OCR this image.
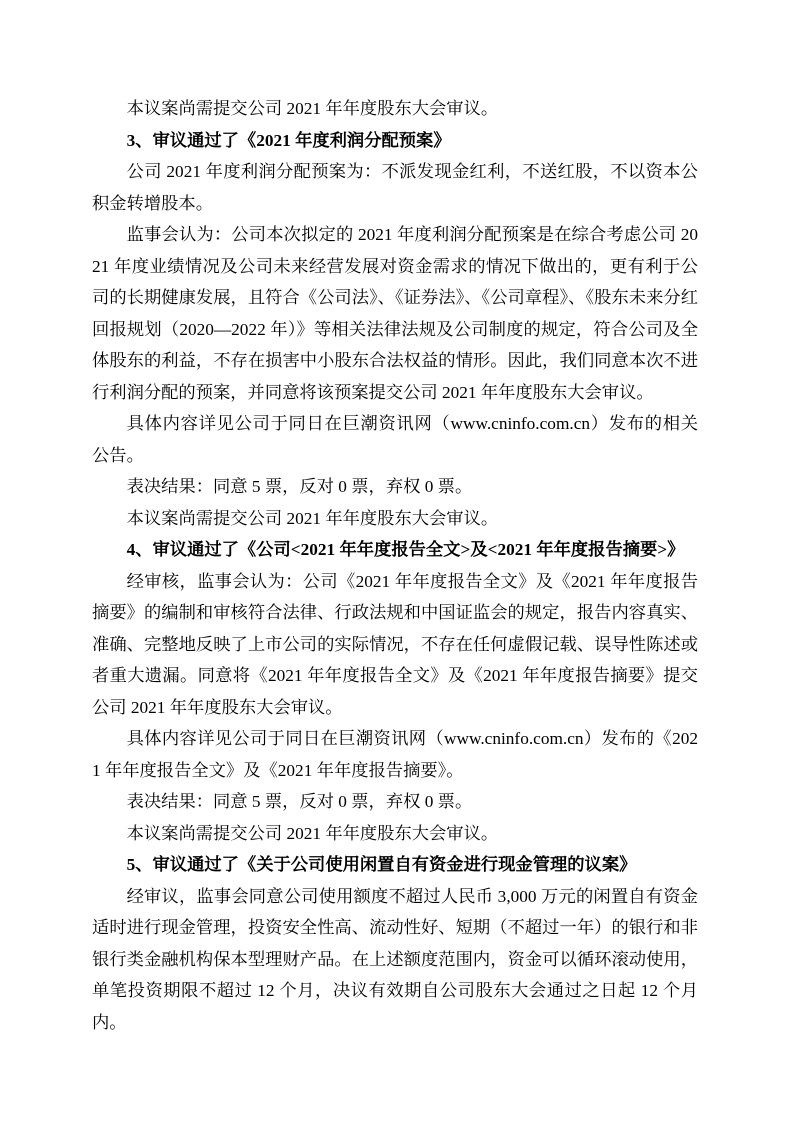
本议案尚需提交公司 2021 年年度股东大会审议。

3、审议通过了《2021 年度利润分配预案》

公司 2021 年度利润分配预案为：不派发现金红利，不送红股，不以资本公积金转增股本。

监事会认为：公司本次拟定的 2021 年度利润分配预案是在综合考虑公司 2021 年度业绩情况及公司未来经营发展对资金需求的情况下做出的，更有利于公司的长期健康发展，且符合《公司法》、《证券法》、《公司章程》、《股东未来分红回报规划（2020—2022 年）》等相关法律法规及公司制度的规定，符合公司及全体股东的利益，不存在损害中小股东合法权益的情形。因此，我们同意本次不进行利润分配的预案，并同意将该预案提交公司 2021 年年度股东大会审议。

具体内容详见公司于同日在巨潮资讯网（www.cninfo.com.cn）发布的相关公告。

表决结果：同意 5 票，反对 0 票，弃权 0 票。

本议案尚需提交公司 2021 年年度股东大会审议。

4、审议通过了《公司<2021 年年度报告全文>及<2021 年年度报告摘要>》

经审核，监事会认为：公司《2021 年年度报告全文》及《2021 年年度报告摘要》的编制和审核符合法律、行政法规和中国证监会的规定，报告内容真实、准确、完整地反映了上市公司的实际情况，不存在任何虚假记载、误导性陈述或者重大遗漏。同意将《2021 年年度报告全文》及《2021 年年度报告摘要》提交公司 2021 年年度股东大会审议。

具体内容详见公司于同日在巨潮资讯网（www.cninfo.com.cn）发布的《2021 年年度报告全文》及《2021 年年度报告摘要》。

表决结果：同意 5 票，反对 0 票，弃权 0 票。

本议案尚需提交公司 2021 年年度股东大会审议。

5、审议通过了《关于公司使用闲置自有资金进行现金管理的议案》

经审议，监事会同意公司使用额度不超过人民币 3,000 万元的闲置自有资金适时进行现金管理，投资安全性高、流动性好、短期（不超过一年）的银行和非银行类金融机构保本型理财产品。在上述额度范围内，资金可以循环滚动使用，单笔投资期限不超过 12 个月，决议有效期自公司股东大会通过之日起 12 个月内。
